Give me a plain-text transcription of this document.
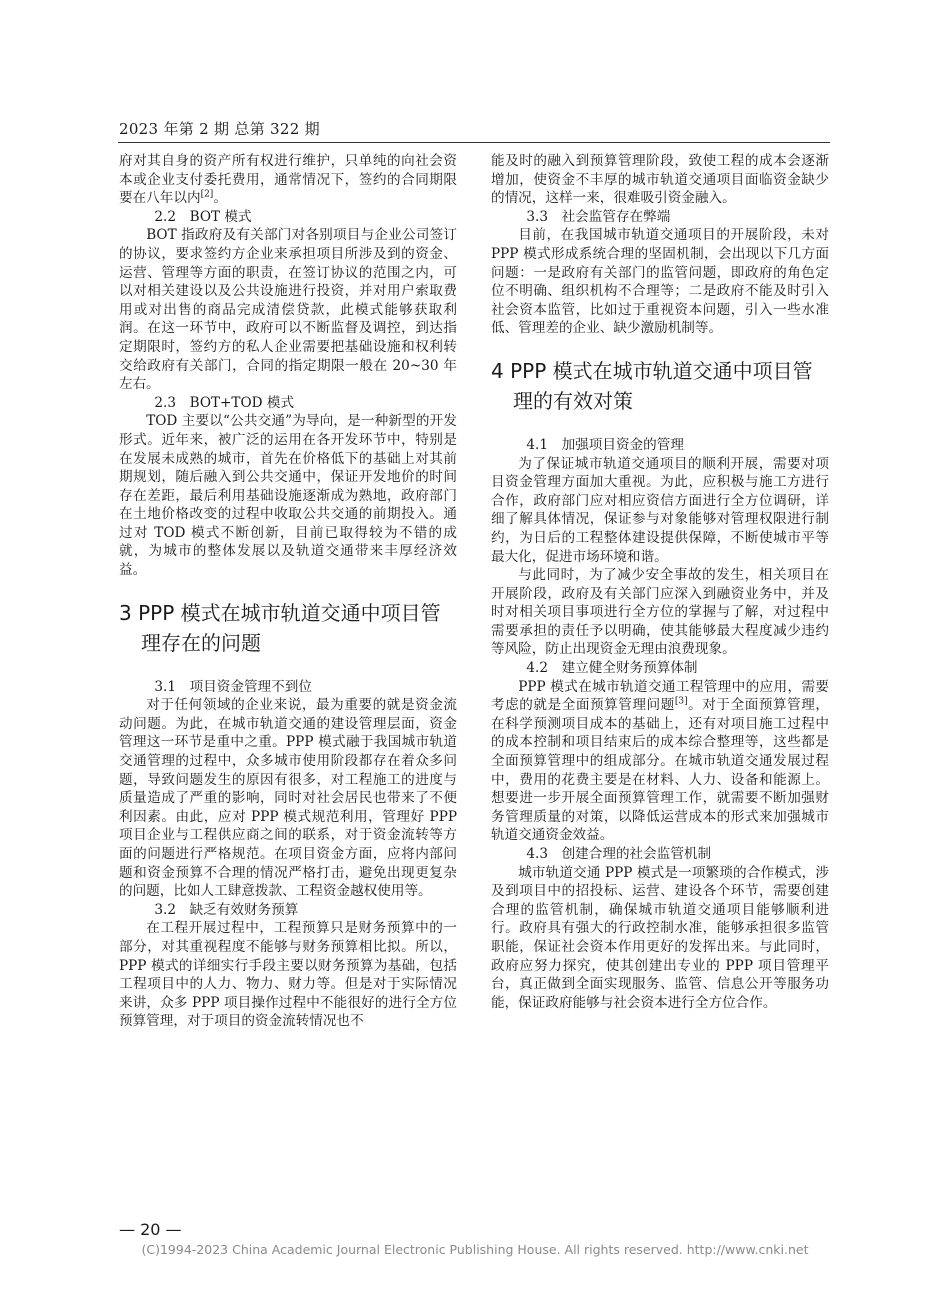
2023 年第 2 期 总第 322 期

府对其自身的资产所有权进行维护，只单纯的向社会资本或企业支付委托费用，通常情况下，签约的合同期限要在八年以内[2]。

2.2　BOT 模式

BOT 指政府及有关部门对各别项目与企业公司签订的协议，要求签约方企业来承担项目所涉及到的资金、运营、管理等方面的职责，在签订协议的范围之内，可以对相关建设以及公共设施进行投资，并对用户索取费用或对出售的商品完成清偿贷款，此模式能够获取利润。在这一环节中，政府可以不断监督及调控，到达指定期限时，签约方的私人企业需要把基础设施和权利转交给政府有关部门，合同的指定期限一般在 20~30 年左右。

2.3　BOT+TOD 模式

TOD 主要以“公共交通”为导向，是一种新型的开发形式。近年来，被广泛的运用在各开发环节中，特别是在发展未成熟的城市，首先在价格低下的基础上对其前期规划，随后融入到公共交通中，保证开发地价的时间存在差距，最后利用基础设施逐渐成为熟地，政府部门在土地价格改变的过程中收取公共交通的前期投入。通过对 TOD 模式不断创新，目前已取得较为不错的成就，为城市的整体发展以及轨道交通带来丰厚经济效益。

3 PPP 模式在城市轨道交通中项目管理存在的问题
3.1　项目资金管理不到位

对于任何领域的企业来说，最为重要的就是资金流动问题。为此，在城市轨道交通的建设管理层面，资金管理这一环节是重中之重。PPP 模式融于我国城市轨道交通管理的过程中，众多城市使用阶段都存在着众多问题，导致问题发生的原因有很多，对工程施工的进度与质量造成了严重的影响，同时对社会居民也带来了不便利因素。由此，应对 PPP 模式规范利用，管理好 PPP 项目企业与工程供应商之间的联系，对于资金流转等方面的问题进行严格规范。在项目资金方面，应将内部问题和资金预算不合理的情况严格打击，避免出现更复杂的问题，比如人工肆意拨款、工程资金越权使用等。

3.2　缺乏有效财务预算

在工程开展过程中，工程预算只是财务预算中的一部分，对其重视程度不能够与财务预算相比拟。所以，PPP 模式的详细实行手段主要以财务预算为基础，包括工程项目中的人力、物力、财力等。但是对于实际情况来讲，众多 PPP 项目操作过程中不能很好的进行全方位预算管理，对于项目的资金流转情况也不

能及时的融入到预算管理阶段，致使工程的成本会逐渐增加，使资金不丰厚的城市轨道交通项目面临资金缺少的情况，这样一来，很难吸引资金融入。

3.3　社会监管存在弊端

目前，在我国城市轨道交通项目的开展阶段，未对 PPP 模式形成系统合理的坚固机制，会出现以下几方面问题：一是政府有关部门的监管问题，即政府的角色定位不明确、组织机构不合理等；二是政府不能及时引入社会资本监管，比如过于重视资本问题，引入一些水准低、管理差的企业、缺少激励机制等。

4 PPP 模式在城市轨道交通中项目管理的有效对策
4.1　加强项目资金的管理

为了保证城市轨道交通项目的顺利开展，需要对项目资金管理方面加大重视。为此，应积极与施工方进行合作，政府部门应对相应资信方面进行全方位调研，详细了解具体情况，保证参与对象能够对管理权限进行制约，为日后的工程整体建设提供保障，不断使城市平等最大化，促进市场环境和谐。

与此同时，为了减少安全事故的发生，相关项目在开展阶段，政府及有关部门应深入到融资业务中，并及时对相关项目事项进行全方位的掌握与了解，对过程中需要承担的责任予以明确，使其能够最大程度减少违约等风险，防止出现资金无理由浪费现象。

4.2　建立健全财务预算体制

PPP 模式在城市轨道交通工程管理中的应用，需要考虑的就是全面预算管理问题[3]。对于全面预算管理，在科学预测项目成本的基础上，还有对项目施工过程中的成本控制和项目结束后的成本综合整理等，这些都是全面预算管理中的组成部分。在城市轨道交通发展过程中，费用的花费主要是在材料、人力、设备和能源上。想要进一步开展全面预算管理工作，就需要不断加强财务管理质量的对策，以降低运营成本的形式来加强城市轨道交通资金效益。

4.3　创建合理的社会监管机制

城市轨道交通 PPP 模式是一项繁琐的合作模式，涉及到项目中的招投标、运营、建设各个环节，需要创建合理的监管机制，确保城市轨道交通项目能够顺利进行。政府具有强大的行政控制水准，能够承担很多监管职能，保证社会资本作用更好的发挥出来。与此同时，政府应努力探究，使其创建出专业的 PPP 项目管理平台，真正做到全面实现服务、监管、信息公开等服务功能，保证政府能够与社会资本进行全方位合作。

— 20 —
(C)1994-2023 China Academic Journal Electronic Publishing House. All rights reserved. http://www.cnki.net
